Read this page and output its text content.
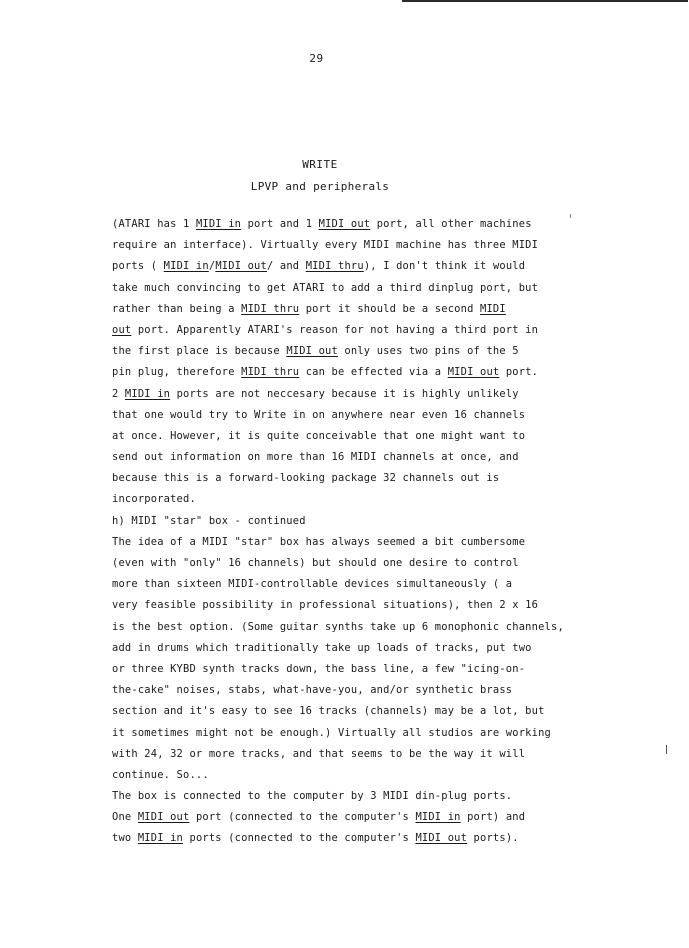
29
WRITE
LPVP and peripherals
(ATARI has 1 MIDI in port and 1 MIDI out port, all other machines
require an interface). Virtually every MIDI machine has three MIDI
ports ( MIDI in/MIDI out/ and MIDI thru), I don't think it would
take much convincing to get ATARI to add a third dinplug port, but
rather than being a MIDI thru port it should be a second MIDI
out port. Apparently ATARI's reason for not having a third port in
the first place is because MIDI out only uses two pins of the 5
pin plug, therefore MIDI thru can be effected via a MIDI out port.
2 MIDI in ports are not neccesary because it is highly unlikely
that one would try to Write in on anywhere near even 16 channels
at once. However, it is quite conceivable that one might want to
send out information on more than 16 MIDI channels at once, and
because this is a forward-looking package 32 channels out is
incorporated.
h) MIDI "star" box - continued
The idea of a MIDI "star" box has always seemed a bit cumbersome
(even with "only" 16 channels) but should one desire to control
more than sixteen MIDI-controllable devices simultaneously ( a
very feasible possibility in professional situations), then 2 x 16
is the best option. (Some guitar synths take up 6 monophonic channels,
add in drums which traditionally take up loads of tracks, put two
or three KYBD synth tracks down, the bass line, a few "icing-on-
the-cake" noises, stabs, what-have-you, and/or synthetic brass
section and it's easy to see 16 tracks (channels) may be a lot, but
it sometimes might not be enough.) Virtually all studios are working
with 24, 32 or more tracks, and that seems to be the way it will
continue. So...
The box is connected to the computer by 3 MIDI din-plug ports.
One MIDI out port (connected to the computer's MIDI in port) and
two MIDI in ports (connected to the computer's MIDI out ports).
